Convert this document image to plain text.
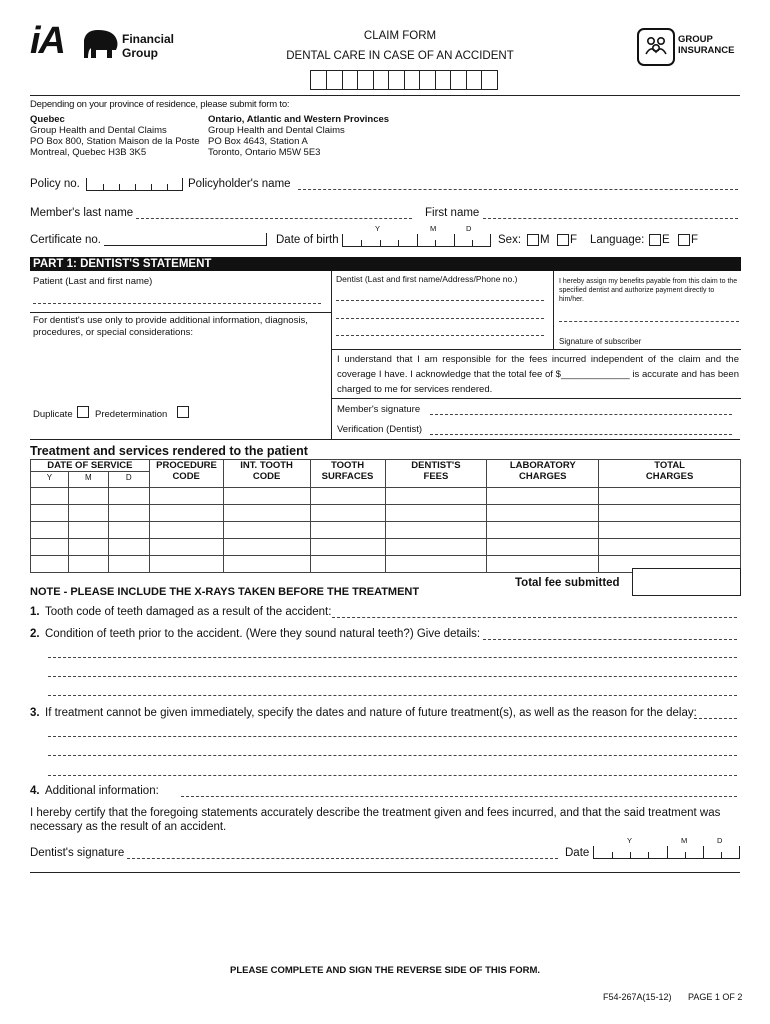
iA	Financial
Group
CLAIM FORM
DENTAL CARE IN CASE OF AN ACCIDENT
GROUP
INSURANCE
Depending on your province of residence, please submit form to:
Quebec
Group Health and Dental Claims
PO Box 800, Station Maison de la Poste
Montreal, Quebec H3B 3K5
Ontario, Atlantic and Western Provinces
Group Health and Dental Claims
PO Box 4643, Station A
Toronto, Ontario M5W 5E3
Policy no.	Policyholder's name
Member's last name	First name
Certificate no.	Date of birth
Y	M	D
Sex: M F Language: E F
PART 1: DENTIST'S STATEMENT
Patient (Last and first name)
For dentist's use only to provide additional information, diagnosis, procedures, or special considerations:
Dentist (Last and first name/Address/Phone no.)	I hereby assign my benefits payable from this claim to the specified dentist and authorize payment directly to him/her.
Signature of subscriber
I understand that I am responsible for the fees incurred independent of the claim and the coverage I have. I acknowledge that the total fee of $_____________ is accurate and has been charged to me for services rendered.
Duplicate Predetermination	Member's signature
Verification (Dentist)
Treatment and services rendered to the patient
DATE OF SERVICE			PROCEDURE CODE	INT. TOOTH CODE	TOOTH SURFACES	DENTIST'S FEES	LABORATORY CHARGES	TOTAL CHARGES

Y	M	D						

Total fee submitted
NOTE - PLEASE INCLUDE THE X-RAYS TAKEN BEFORE THE TREATMENT
1. Tooth code of teeth damaged as a result of the accident:
2. Condition of teeth prior to the accident. (Were they sound natural teeth?) Give details:
3. If treatment cannot be given immediately, specify the dates and nature of future treatment(s), as well as the reason for the delay:
4. Additional information:
I hereby certify that the foregoing statements accurately describe the treatment given and fees incurred, and that the said treatment was necessary as the result of an accident.
Dentist's signature	Date
Y	M	D
PLEASE COMPLETE AND SIGN THE REVERSE SIDE OF THIS FORM.
F54-267A(15-12) PAGE 1 OF 2
